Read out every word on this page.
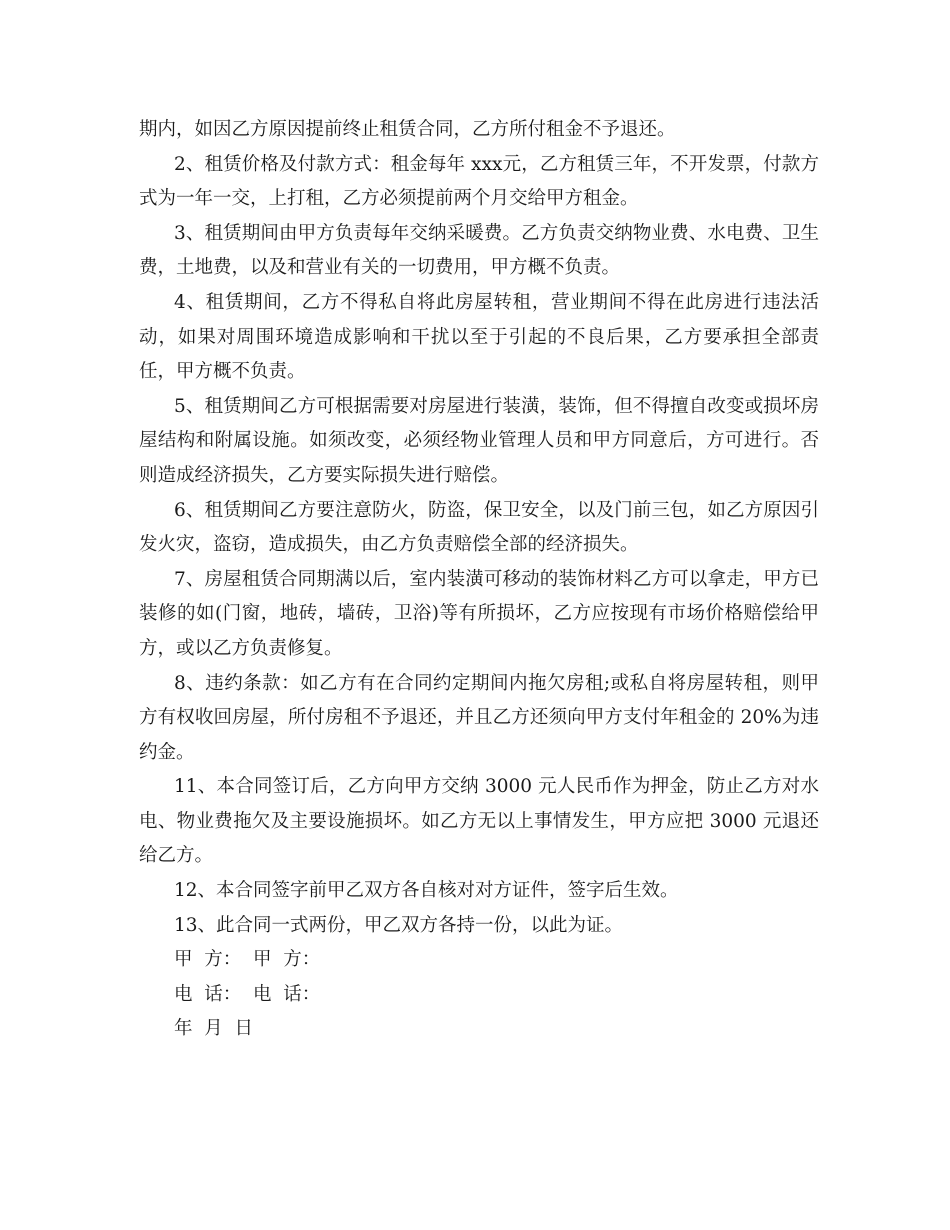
期内，如因乙方原因提前终止租赁合同，乙方所付租金不予退还。

2、租赁价格及付款方式：租金每年 xxx元，乙方租赁三年，不开发票，付款方式为一年一交，上打租，乙方必须提前两个月交给甲方租金。

3、租赁期间由甲方负责每年交纳采暖费。乙方负责交纳物业费、水电费、卫生费，土地费，以及和营业有关的一切费用，甲方概不负责。

4、租赁期间，乙方不得私自将此房屋转租，营业期间不得在此房进行违法活动，如果对周围环境造成影响和干扰以至于引起的不良后果，乙方要承担全部责任，甲方概不负责。

5、租赁期间乙方可根据需要对房屋进行装潢，装饰，但不得擅自改变或损坏房屋结构和附属设施。如须改变，必须经物业管理人员和甲方同意后，方可进行。否则造成经济损失，乙方要实际损失进行赔偿。

6、租赁期间乙方要注意防火，防盗，保卫安全，以及门前三包，如乙方原因引发火灾，盗窃，造成损失，由乙方负责赔偿全部的经济损失。

7、房屋租赁合同期满以后，室内装潢可移动的装饰材料乙方可以拿走，甲方已装修的如(门窗，地砖，墙砖，卫浴)等有所损坏，乙方应按现有市场价格赔偿给甲方，或以乙方负责修复。

8、违约条款：如乙方有在合同约定期间内拖欠房租;或私自将房屋转租，则甲方有权收回房屋，所付房租不予退还，并且乙方还须向甲方支付年租金的 20%为违约金。

11、本合同签订后，乙方向甲方交纳 3000 元人民币作为押金，防止乙方对水电、物业费拖欠及主要设施损坏。如乙方无以上事情发生，甲方应把 3000 元退还给乙方。

12、本合同签字前甲乙双方各自核对对方证件，签字后生效。

13、此合同一式两份，甲乙双方各持一份，以此为证。

甲  方：  甲  方：

电  话：  电  话：

年  月  日
